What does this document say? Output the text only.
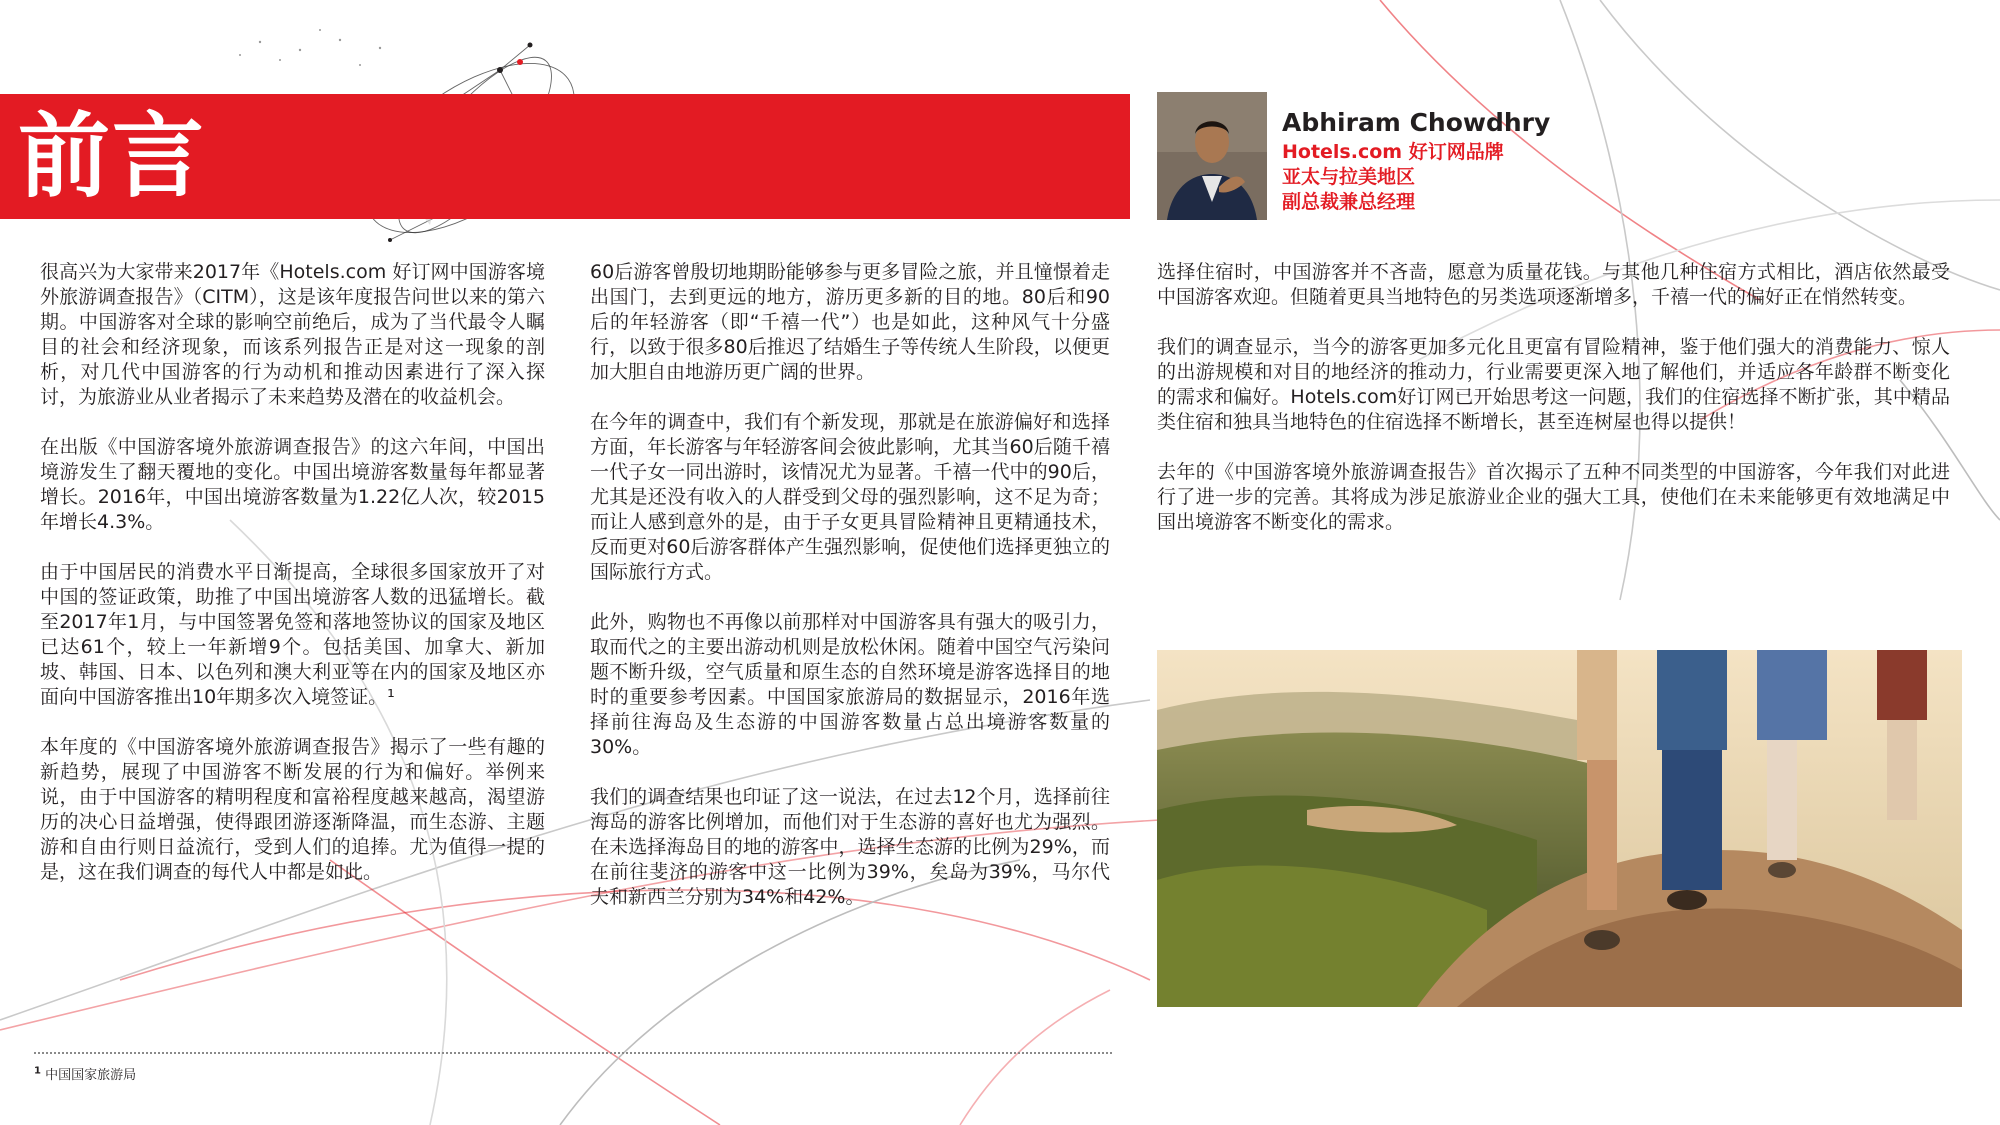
前言	Abhiram Chowdhry
Hotels.com 好订网品牌
亚太与拉美地区
副总裁兼总经理

很高兴为大家带来2017年《Hotels.com 好订网中国游客境外旅游调查报告》（CITM），这是该年度报告问世以来的第六期。中国游客对全球的影响空前绝后，成为了当代最令人瞩目的社会和经济现象，而该系列报告正是对这一现象的剖析，对几代中国游客的行为动机和推动因素进行了深入探讨，为旅游业从业者揭示了未来趋势及潜在的收益机会。

在出版《中国游客境外旅游调查报告》的这六年间，中国出境游发生了翻天覆地的变化。中国出境游客数量每年都显著增长。2016年，中国出境游客数量为1.22亿人次，较2015年增长4.3%。

由于中国居民的消费水平日渐提高，全球很多国家放开了对中国的签证政策，助推了中国出境游客人数的迅猛增长。截至2017年1月，与中国签署免签和落地签协议的国家及地区已达61个，较上一年新增9个。包括美国、加拿大、新加坡、韩国、日本、以色列和澳大利亚等在内的国家及地区亦面向中国游客推出10年期多次入境签证。¹

本年度的《中国游客境外旅游调查报告》揭示了一些有趣的新趋势，展现了中国游客不断发展的行为和偏好。举例来说，由于中国游客的精明程度和富裕程度越来越高，渴望游历的决心日益增强，使得跟团游逐渐降温，而生态游、主题游和自由行则日益流行，受到人们的追捧。尤为值得一提的是，这在我们调查的每代人中都是如此。

60后游客曾殷切地期盼能够参与更多冒险之旅，并且憧憬着走出国门，去到更远的地方，游历更多新的目的地。80后和90后的年轻游客（即“千禧一代”）也是如此，这种风气十分盛行，以致于很多80后推迟了结婚生子等传统人生阶段，以便更加大胆自由地游历更广阔的世界。

在今年的调查中，我们有个新发现，那就是在旅游偏好和选择方面，年长游客与年轻游客间会彼此影响，尤其当60后随千禧一代子女一同出游时，该情况尤为显著。千禧一代中的90后，尤其是还没有收入的人群受到父母的强烈影响，这不足为奇；而让人感到意外的是，由于子女更具冒险精神且更精通技术，反而更对60后游客群体产生强烈影响，促使他们选择更独立的国际旅行方式。

此外，购物也不再像以前那样对中国游客具有强大的吸引力，取而代之的主要出游动机则是放松休闲。随着中国空气污染问题不断升级，空气质量和原生态的自然环境是游客选择目的地时的重要参考因素。中国国家旅游局的数据显示，2016年选择前往海岛及生态游的中国游客数量占总出境游客数量的30%。

我们的调查结果也印证了这一说法，在过去12个月，选择前往海岛的游客比例增加，而他们对于生态游的喜好也尤为强烈。在未选择海岛目的地的游客中，选择生态游的比例为29%，而在前往斐济的游客中这一比例为39%，矣岛为39%，马尔代夫和新西兰分别为34%和42%。

选择住宿时，中国游客并不吝啬，愿意为质量花钱。与其他几种住宿方式相比，酒店依然最受中国游客欢迎。但随着更具当地特色的另类选项逐渐增多，千禧一代的偏好正在悄然转变。

我们的调查显示，当今的游客更加多元化且更富有冒险精神，鉴于他们强大的消费能力、惊人的出游规模和对目的地经济的推动力，行业需要更深入地了解他们，并适应各年龄群不断变化的需求和偏好。Hotels.com好订网已开始思考这一问题，我们的住宿选择不断扩张，其中精品类住宿和独具当地特色的住宿选择不断增长，甚至连树屋也得以提供！

去年的《中国游客境外旅游调查报告》首次揭示了五种不同类型的中国游客，今年我们对此进行了进一步的完善。其将成为涉足旅游业企业的强大工具，使他们在未来能够更有效地满足中国出境游客不断变化的需求。

$^1$ 中国国家旅游局
